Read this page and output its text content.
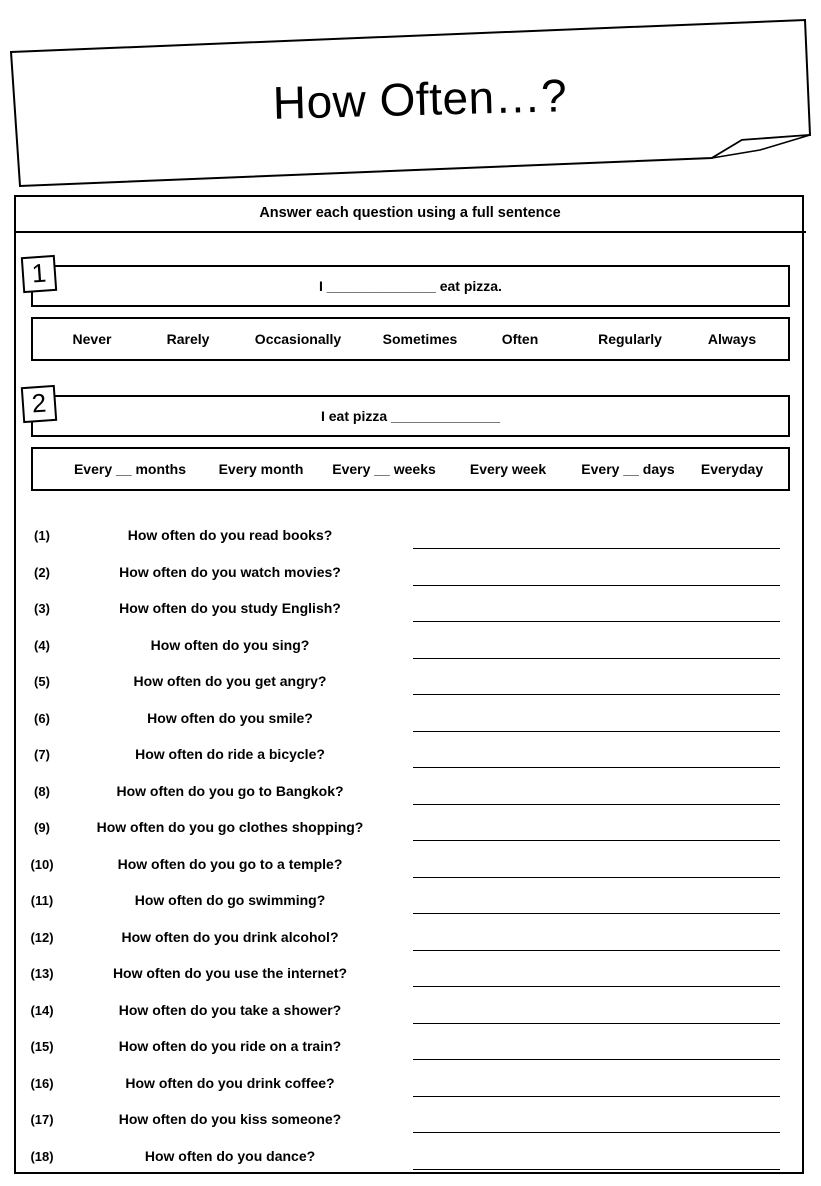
How Often…?
Answer each question using a full sentence
I ______________ eat pizza.
1
Never	Rarely	Occasionally	Sometimes	Often	Regularly	Always
I eat pizza ______________
2
Every __ months Every month Every __ weeks Every week	Every __ days Everyday
(1)	How often do you read books?
(2)	How often do you watch movies?
(3)	How often do you study English?
(4)	How often do you sing?
(5)	How often do you get angry?
(6)	How often do you smile?
(7)	How often do ride a bicycle?
(8)	How often do you go to Bangkok?
(9)	How often do you go clothes shopping?
(10)	How often do you go to a temple?
(11)	How often do go swimming?
(12)	How often do you drink alcohol?
(13)	How often do you use the internet?
(14)	How often do you take a shower?
(15)	How often do you ride on a train?
(16)	How often do you drink coffee?
(17)	How often do you kiss someone?
(18)	How often do you dance?
